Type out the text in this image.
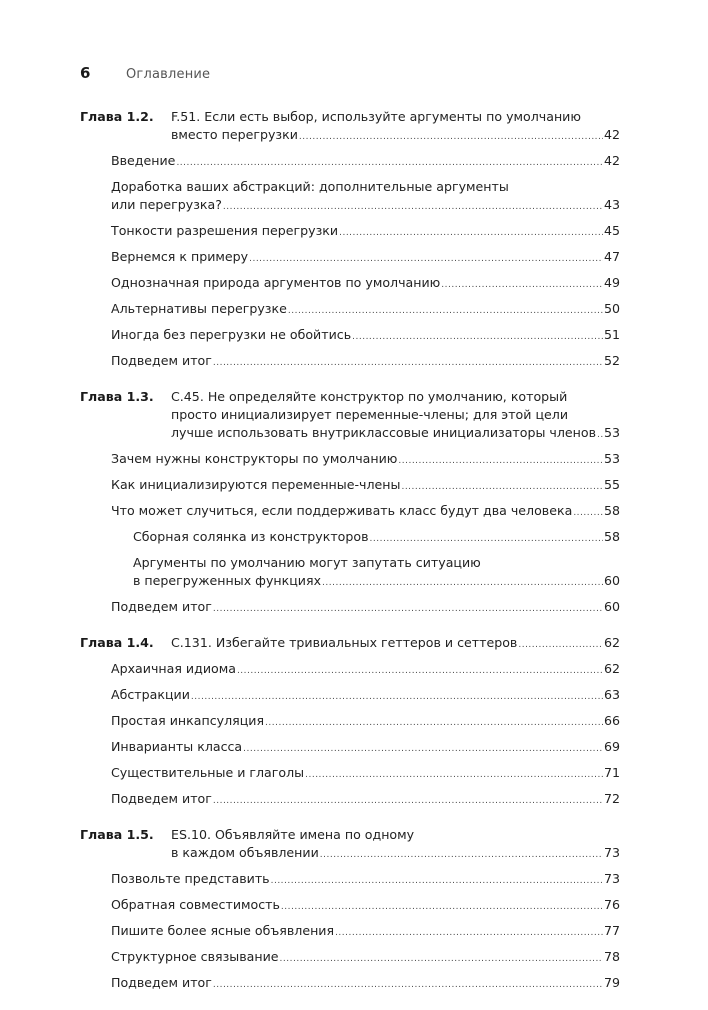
6	Оглавление
Глава 1.2.	F.51. Если есть выбор, используйте аргументы по умолчанию
вместо перегрузки .....	42
Введение .....	42
Доработка ваших абстракций: дополнительные аргументы
или перегрузка? .....	43
Тонкости разрешения перегрузки .....	45
Вернемся к примеру .....	47
Однозначная природа аргументов по умолчанию .....	49
Альтернативы перегрузке .....	50
Иногда без перегрузки не обойтись .....	51
Подведем итог .....	52
Глава 1.3.	C.45. Не определяйте конструктор по умолчанию, который
просто инициализирует переменные-члены; для этой цели
лучше использовать внутриклассовые инициализаторы членов ..... 53
Зачем нужны конструкторы по умолчанию .....	53
Как инициализируются переменные-члены .....	55
Что может случиться, если поддерживать класс будут два человека .....	58
Сборная солянка из конструкторов .....	58
Аргументы по умолчанию могут запутать ситуацию
в перегруженных функциях .....	60
Подведем итог .....	60
Глава 1.4.	C.131. Избегайте тривиальных геттеров и сеттеров .....	62
Архаичная идиома .....	62
Абстракции .....	63
Простая инкапсуляция .....	66
Инварианты класса .....	69
Существительные и глаголы .....	71
Подведем итог .....	72
Глава 1.5.	ES.10. Объявляйте имена по одному
в каждом объявлении .....	73
Позвольте представить .....	73
Обратная совместимость .....	76
Пишите более ясные объявления .....	77
Структурное связывание .....	78
Подведем итог .....	79
